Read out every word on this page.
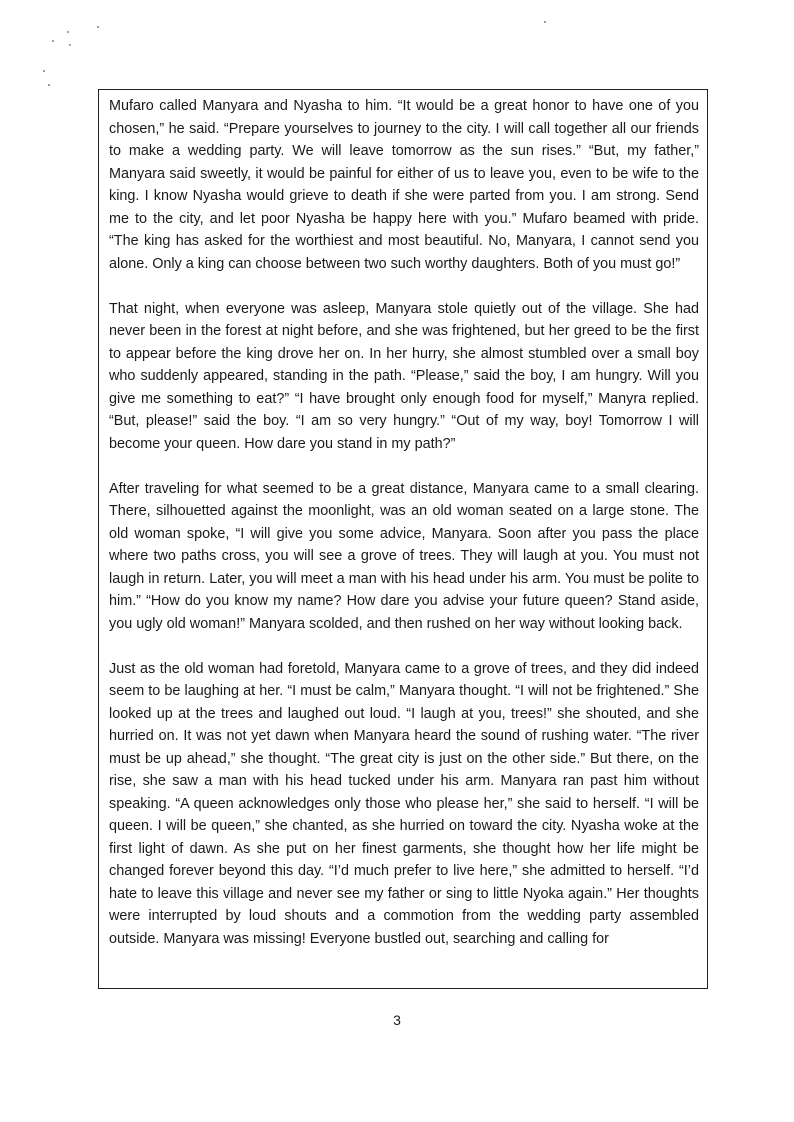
Mufaro called Manyara and Nyasha to him. “It would be a great honor to have one of you chosen,” he said. “Prepare yourselves to journey to the city. I will call together all our friends to make a wedding party. We will leave tomorrow as the sun rises.” “But, my father,” Manyara said sweetly, it would be painful for either of us to leave you, even to be wife to the king. I know Nyasha would grieve to death if she were parted from you. I am strong. Send me to the city, and let poor Nyasha be happy here with you.” Mufaro beamed with pride. “The king has asked for the worthiest and most beautiful. No, Manyara, I cannot send you alone. Only a king can choose between two such worthy daughters. Both of you must go!”

That night, when everyone was asleep, Manyara stole quietly out of the village. She had never been in the forest at night before, and she was frightened, but her greed to be the first to appear before the king drove her on. In her hurry, she almost stumbled over a small boy who suddenly appeared, standing in the path. “Please,” said the boy, I am hungry. Will you give me something to eat?” “I have brought only enough food for myself,” Manyra replied. “But, please!” said the boy. “I am so very hungry.” “Out of my way, boy! Tomorrow I will become your queen. How dare you stand in my path?”

After traveling for what seemed to be a great distance, Manyara came to a small clearing. There, silhouetted against the moonlight, was an old woman seated on a large stone. The old woman spoke, “I will give you some advice, Manyara. Soon after you pass the place where two paths cross, you will see a grove of trees. They will laugh at you. You must not laugh in return. Later, you will meet a man with his head under his arm. You must be polite to him.” “How do you know my name? How dare you advise your future queen? Stand aside, you ugly old woman!” Manyara scolded, and then rushed on her way without looking back.

Just as the old woman had foretold, Manyara came to a grove of trees, and they did indeed seem to be laughing at her. “I must be calm,” Manyara thought. “I will not be frightened.” She looked up at the trees and laughed out loud. “I laugh at you, trees!” she shouted, and she hurried on. It was not yet dawn when Manyara heard the sound of rushing water. “The river must be up ahead,” she thought. “The great city is just on the other side.” But there, on the rise, she saw a man with his head tucked under his arm. Manyara ran past him without speaking. “A queen acknowledges only those who please her,” she said to herself. “I will be queen. I will be queen,” she chanted, as she hurried on toward the city. Nyasha woke at the first light of dawn. As she put on her finest garments, she thought how her life might be changed forever beyond this day. “I’d much prefer to live here,” she admitted to herself. “I’d hate to leave this village and never see my father or sing to little Nyoka again.” Her thoughts were interrupted by loud shouts and a commotion from the wedding party assembled outside. Manyara was missing! Everyone bustled out, searching and calling for

3
